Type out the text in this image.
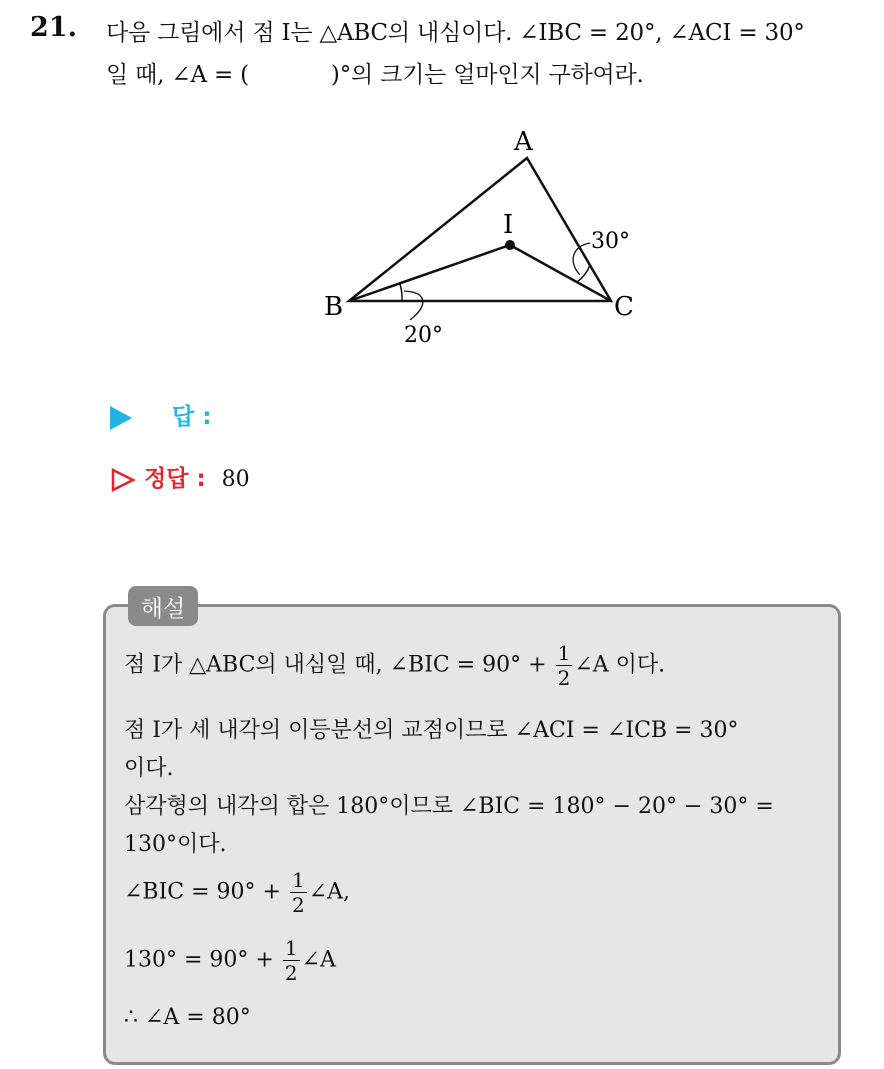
21. 다음 그림에서 점 I는 △ABC의 내심이다. ∠IBC = 20°, ∠ACI = 30°
일 때, ∠A = (	)°의 크기는 얼마인지 구하여라.
A
I
B	C
20°
30°
답 :
정답 : 80
해설
점 I가 △ABC의 내심일 때, ∠BIC = $90^\circ + \frac{1}{2}$ ∠A 이다.
점 I가 세 내각의 이등분선의 교점이므로 ∠ACI = ∠ICB = 30°
이다.
삼각형의 내각의 합은 180°이므로 ∠BIC = 180° − 20° − 30° =
130°이다.
∠BIC = $90^\circ + \frac{1}{2}$ ∠A,
$130^\circ = 90^\circ + \frac{1}{2}$ ∠A
∴ ∠A = 80°
